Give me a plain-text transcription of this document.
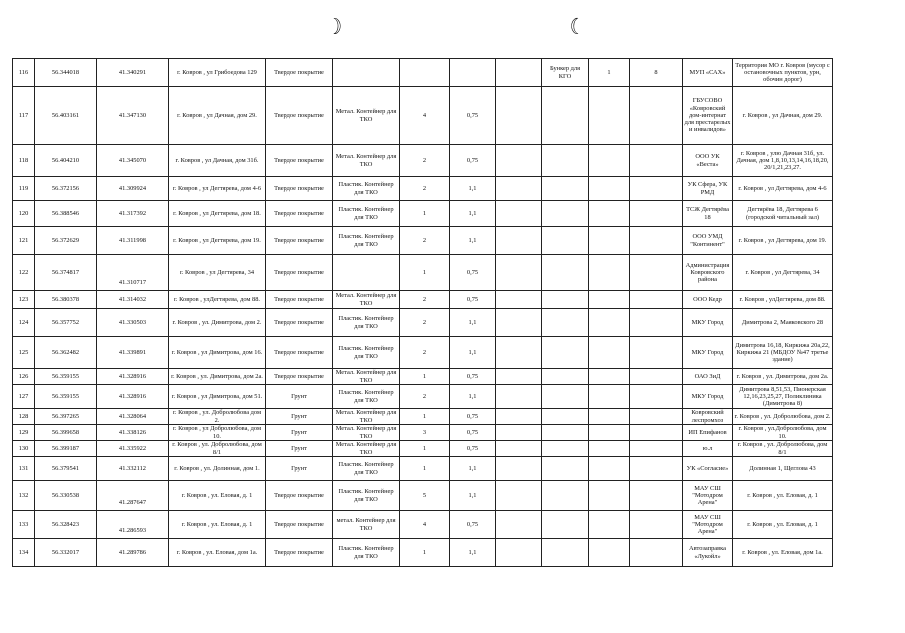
☽	☾
116	56.344018	41.340291	г. Ковров , ул Грибоедова 129	Твердое покрытие					Бункер для КГО	1	8	МУП «САХ»	Территория МО г. Ковров (мусор с остановочных пунктов, урн, обочин дорог)
117	56.403161	41.347130	г. Ковров , ул Дачная, дом 29.	Твердое покрытие	Метал. Контейнер для ТКО	4	0,75					ГБУСОВО «Ковровский дом-интернат для престарелых и инвалидов»	г. Ковров , ул Дачная, дом 29.
118	56.404210	41.345070	г. Ковров , ул Дачная, дом 31б.	Твердое покрытие	Метал. Контейнер для ТКО	2	0,75					ООО УК «Веста»	г. Ковров , улю Дачная 31б, ул. Дачная, дом 1,8,10,13,14,16,18,20, 20/1,21,23,27.
119	56.372156	41.309924	г. Ковров , ул Дегтярева, дом 4-6	Твердое покрытие	Пластик. Контейнер для ТКО	2	1,1					УК Сфера, УК РМД	г. Ковров , ул Дегтярева, дом 4-6
120	56.388546	41.317392	г. Ковров , ул Дегтярева, дом 18.	Твердое покрытие	Пластик. Контейнер для ТКО	1	1,1					ТСЖ Дегтярёва 18	Дегтярёва 18, Дегтярева 6 (городской читальный зал)
121	56.372629	41.311998	г. Ковров , ул Дегтярева, дом 19.	Твердое покрытие	Пластик. Контейнер для ТКО	2	1,1					ООО УМД "Континент"	г. Ковров , ул Дегтярева, дом 19.
122	56.374817	41.310717	г. Ковров , ул Дегтярева, 34	Твердое покрытие		1	0,75					Администрация Ковровского района	г. Ковров , ул Дегтярева, 34
123	56.380378	41.314032	г. Ковров , улДегтярева, дом 88.	Твердое покрытие	Метал. Контейнер для ТКО	2	0,75					ООО Кедр	г. Ковров , улДегтярева, дом 88.
124	56.357752	41.330503	г. Ковров , ул. Димитрова, дом 2.	Твердое покрытие	Пластик. Контейнер для ТКО	2	1,1					МКУ Город	Димитрова 2, Маяковского 28
125	56.362482	41.339891	г. Ковров , ул Димитрова, дом 16.	Твердое покрытие	Пластик. Контейнер для ТКО	2	1,1					МКУ Город	Димитрова 16,18, Киркижа 20а,22, Киркижа 21 (МБДОУ №47 третье здание)
126	56.359155	41.328916	г. Ковров , ул. Димитрова, дом 2а.	Твердое покрытие	Метал. Контейнер для ТКО	1	0,75					ОАО ЗиД	г. Ковров , ул. Димитрова, дом 2а.
127	56.359155	41.328916	г. Ковров , ул Димитрова, дом 51.	Грунт	Пластик. Контейнер для ТКО	2	1,1					МКУ Город	Димитрова 8,51,53, Пионерская 12,16,23,25,27, Поликлиника (Димитрова 8)
128	56.397265	41.328064	г. Ковров , ул. Добролюбова дом 2.	Грунт	Метал. Контейнер для ТКО	1	0,75					Ковровский леспромхоз	г. Ковров , ул. Добролюбова, дом 2.
129	56.399658	41.338126	г. Ковров , ул Добролюбова, дом 10.	Грунт	Метал. Контейнер для ТКО	3	0,75					ИП Епифанов	г. Ковров , ул.Добролюбова, дом 10.
130	56.399187	41.335922	г. Ковров , ул. Добролюбова, дом 8/1	Грунт	Метал. Контейнер для ТКО	1	0,75					ю.л	г. Ковров , ул. Добролюбова, дом 8/1
131	56.379541	41.332112	г. Ковров , ул. Долинная, дом 1.	Грунт	Пластик. Контейнер для ТКО	1	1,1					УК «Согласие»	Долинная 1, Щеглова 43
132	56.330538	41.287647	г. Ковров , ул. Еловая, д. 1	Твердое покрытие	Пластик. Контейнер для ТКО	5	1,1					МАУ СШ "Мотодром Арена"	г. Ковров , ул. Еловая, д. 1
133	56.328423	41.286593	г. Ковров , ул. Еловая, д. 1	Твердое покрытие	метал. Контейнер для ТКО	4	0,75					МАУ СШ "Мотодром Арена"	г. Ковров , ул. Еловая, д. 1
134	56.332017	41.289786	г. Ковров , ул. Еловая, дом 1а.	Твердое покрытие	Пластик. Контейнер для ТКО	1	1,1					Автозаправка «Лукойл»	г. Ковров , ул. Еловая, дом 1а.
